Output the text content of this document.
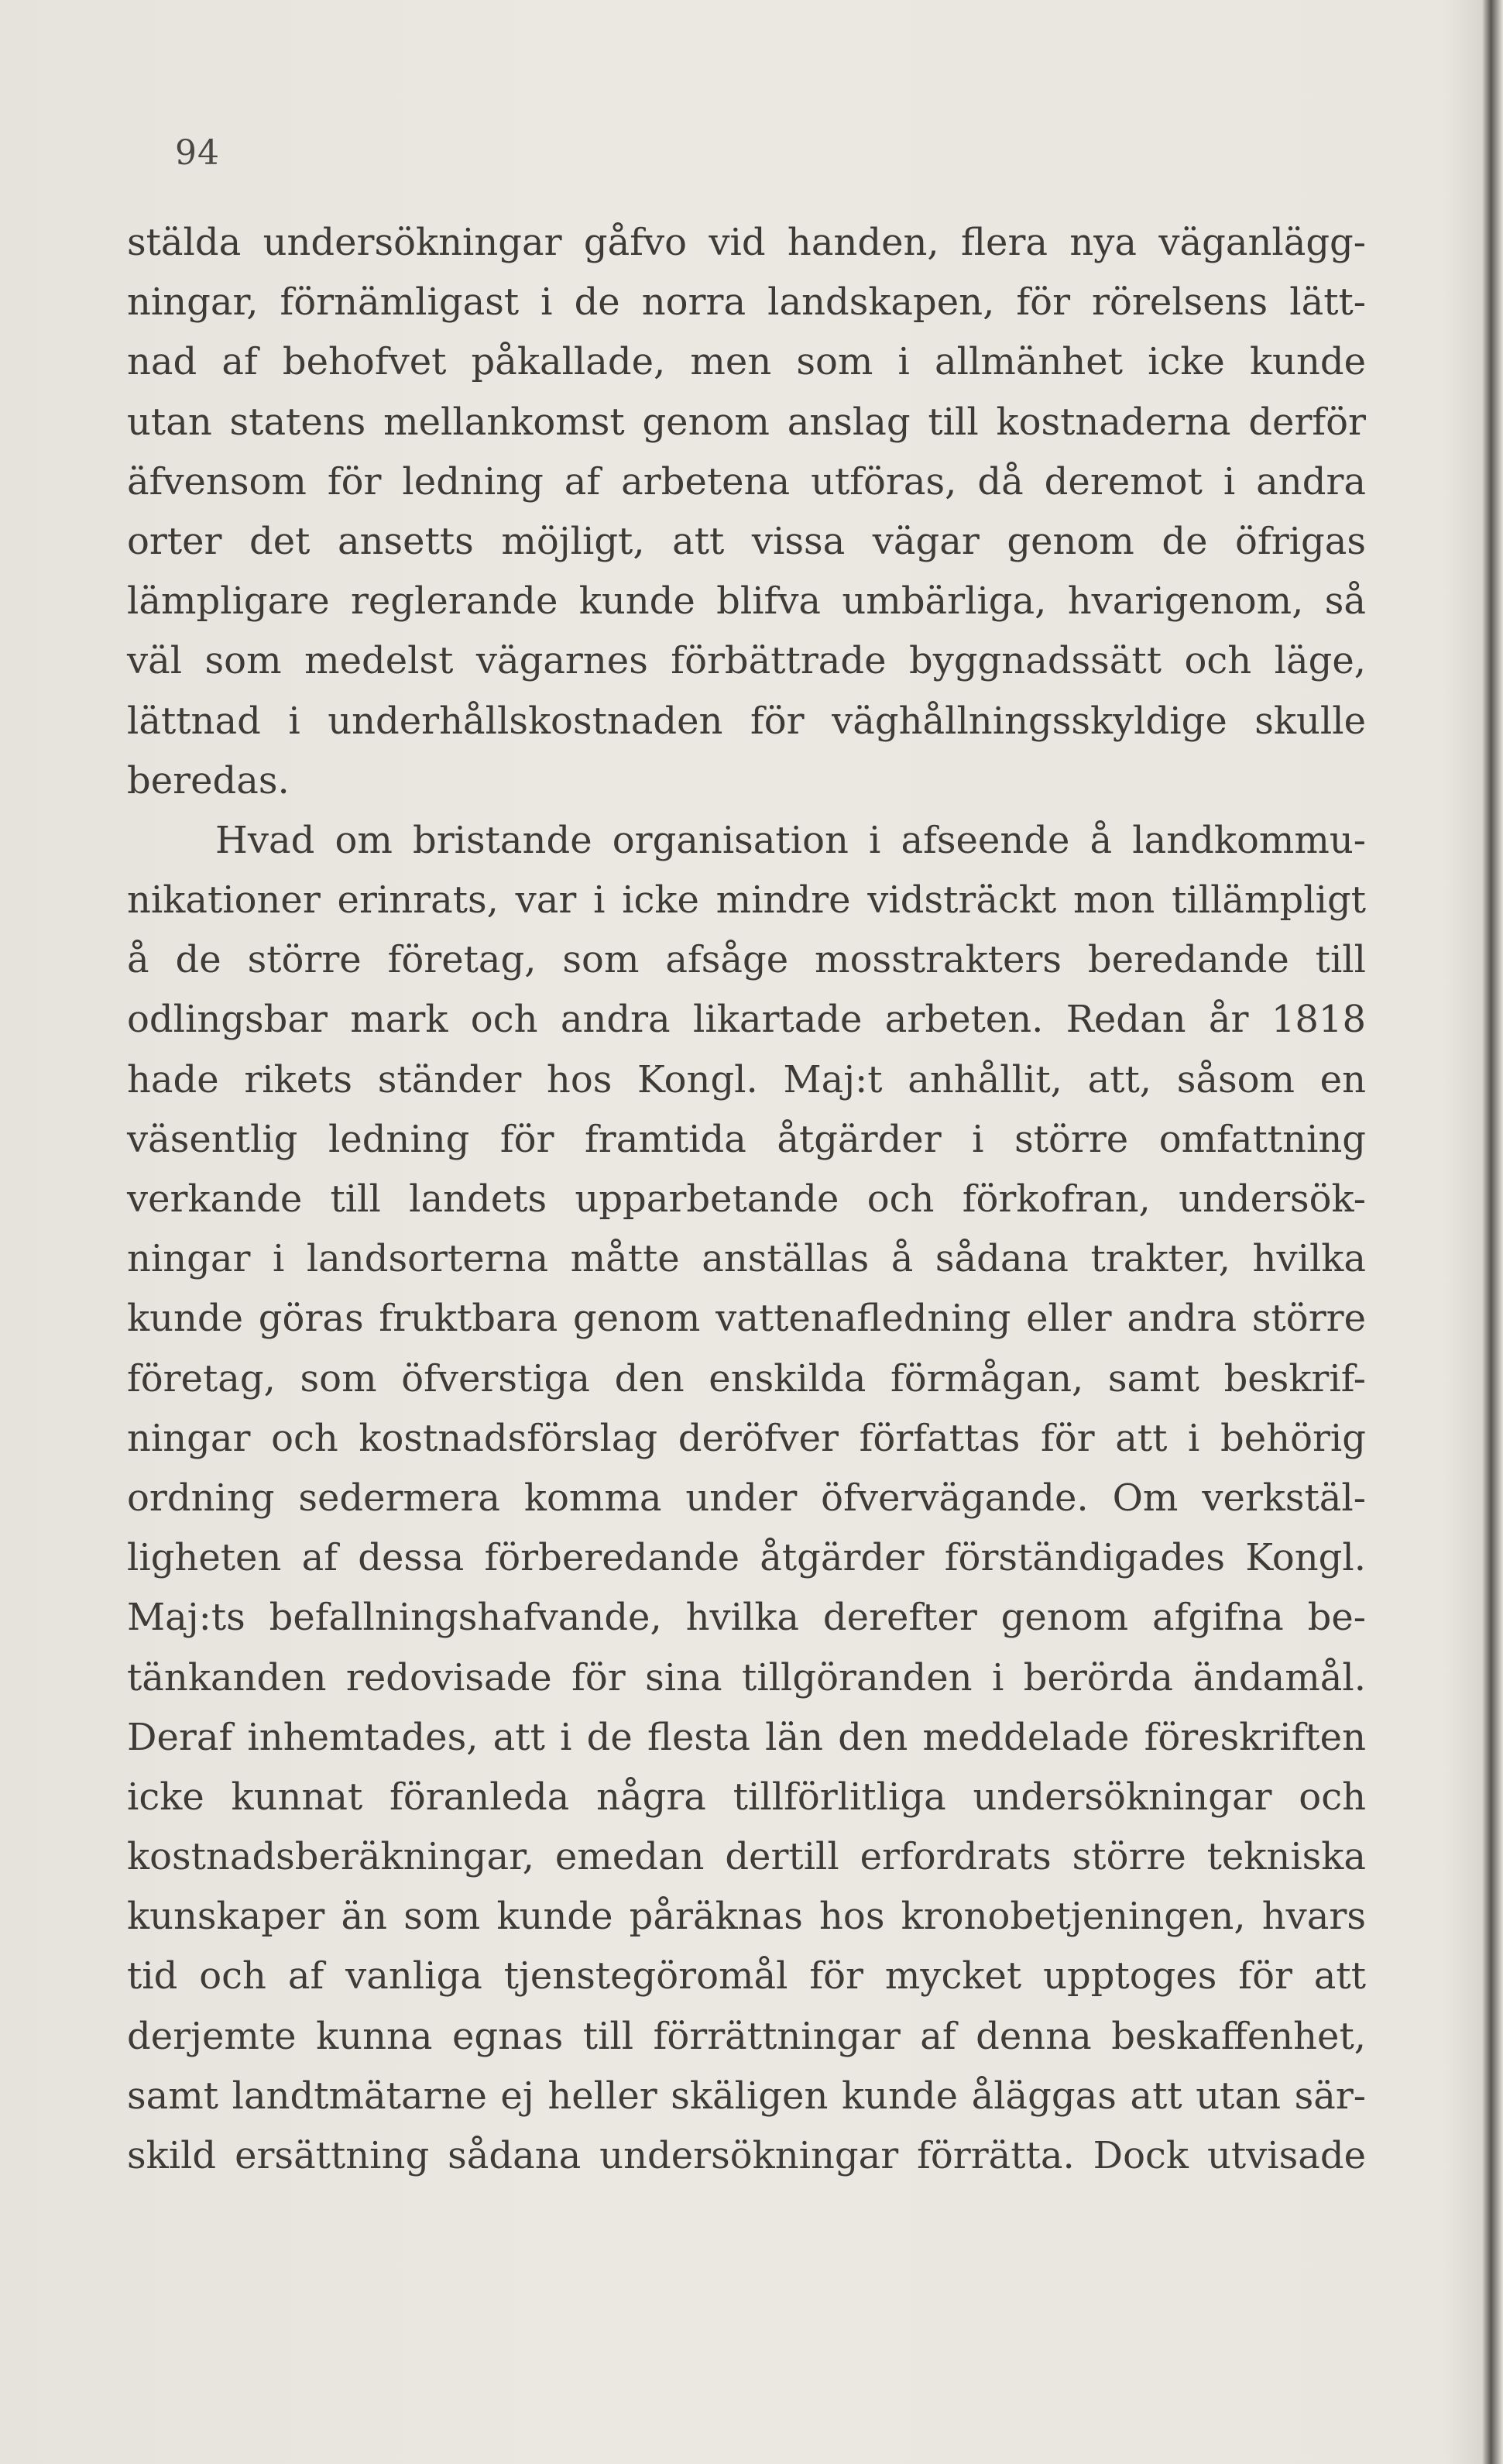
94
stälda undersökningar gåfvo vid handen, flera nya väganlägg-
ningar, förnämligast i de norra landskapen, för rörelsens lätt-
nad af behofvet påkallade, men som i allmänhet icke kunde
utan statens mellankomst genom anslag till kostnaderna derför
äfvensom för ledning af arbetena utföras, då deremot i andra
orter det ansetts möjligt, att vissa vägar genom de öfrigas
lämpligare reglerande kunde blifva umbärliga, hvarigenom, så
väl som medelst vägarnes förbättrade byggnadssätt och läge,
lättnad i underhållskostnaden för väghållningsskyldige skulle
beredas.
Hvad om bristande organisation i afseende å landkommu-
nikationer erinrats, var i icke mindre vidsträckt mon tillämpligt
å de större företag, som afsåge mosstrakters beredande till
odlingsbar mark och andra likartade arbeten. Redan år 1818
hade rikets ständer hos Kongl. Maj:t anhållit, att, såsom en
väsentlig ledning för framtida åtgärder i större omfattning
verkande till landets upparbetande och förkofran, undersök-
ningar i landsorterna måtte anställas å sådana trakter, hvilka
kunde göras fruktbara genom vattenafledning eller andra större
företag, som öfverstiga den enskilda förmågan, samt beskrif-
ningar och kostnadsförslag deröfver författas för att i behörig
ordning sedermera komma under öfvervägande. Om verkstäl-
ligheten af dessa förberedande åtgärder förständigades Kongl.
Maj:ts befallningshafvande, hvilka derefter genom afgifna be-
tänkanden redovisade för sina tillgöranden i berörda ändamål.
Deraf inhemtades, att i de flesta län den meddelade föreskriften
icke kunnat föranleda några tillförlitliga undersökningar och
kostnadsberäkningar, emedan dertill erfordrats större tekniska
kunskaper än som kunde påräknas hos kronobetjeningen, hvars
tid och af vanliga tjenstegöromål för mycket upptoges för att
derjemte kunna egnas till förrättningar af denna beskaffenhet,
samt landtmätarne ej heller skäligen kunde åläggas att utan sär-
skild ersättning sådana undersökningar förrätta. Dock utvisade
